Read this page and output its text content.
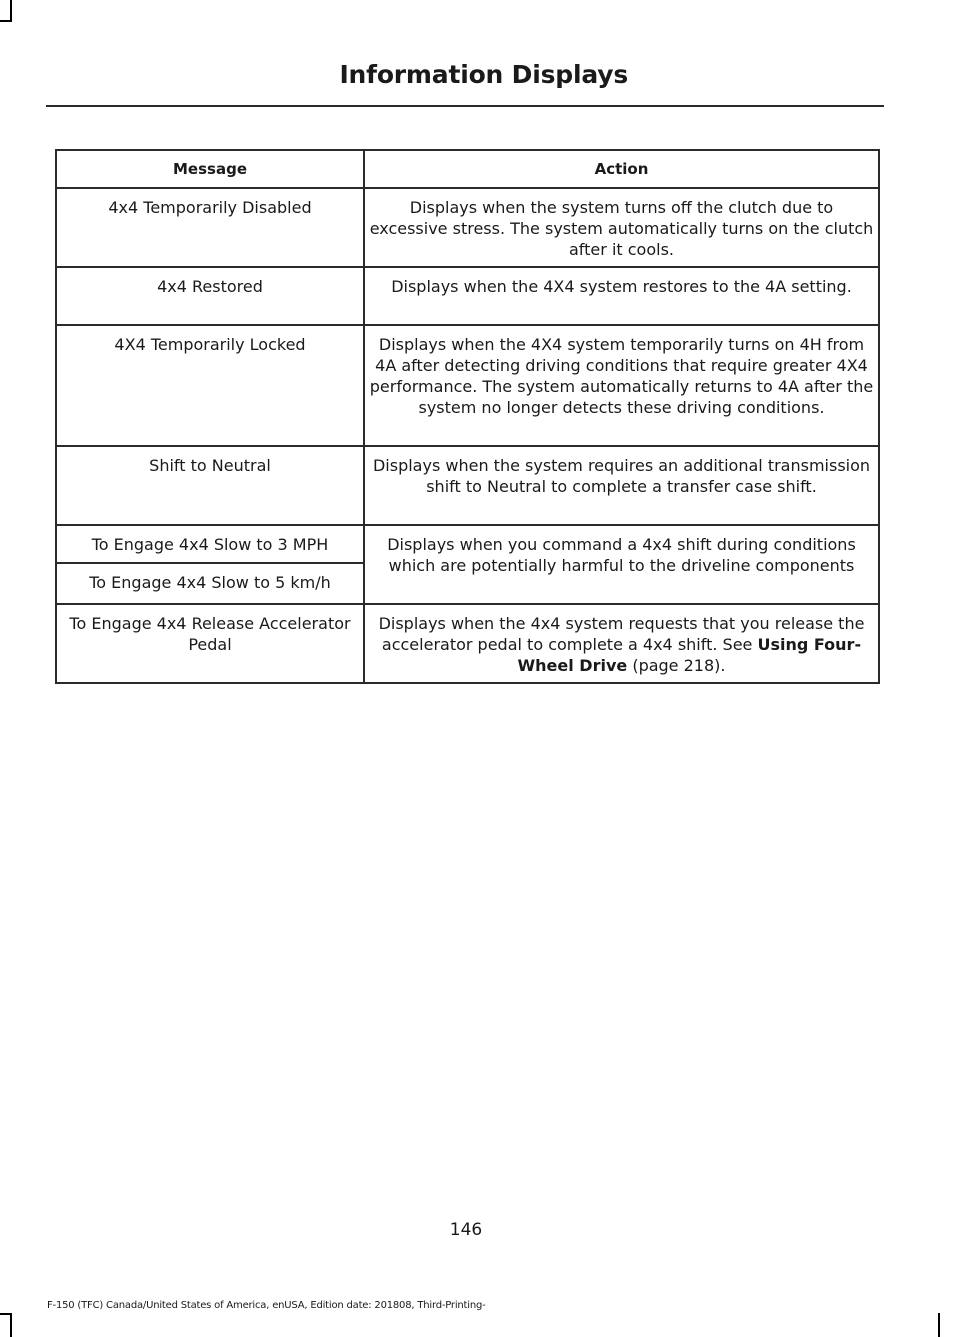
Information Displays
Message	Action
4x4 Temporarily Disabled	Displays when the system turns off the clutch due to excessive stress. The system automatically turns on the clutch after it cools.
4x4 Restored	Displays when the 4X4 system restores to the 4A setting.
4X4 Temporarily Locked	Displays when the 4X4 system temporarily turns on 4H from 4A after detecting driving conditions that require greater 4X4 performance. The system automatically returns to 4A after the system no longer detects these driving conditions.
Shift to Neutral	Displays when the system requires an additional transmission shift to Neutral to complete a transfer case shift.
To Engage 4x4 Slow to 3 MPH	Displays when you command a 4x4 shift during conditions which are potentially harmful to the driveline components
To Engage 4x4 Slow to 5 km/h	
To Engage 4x4 Release Accelerator Pedal	Displays when the 4x4 system requests that you release the accelerator pedal to complete a 4x4 shift. See Using Four-Wheel Drive (page 218).
146
F-150 (TFC) Canada/United States of America, enUSA, Edition date: 201808, Third-Printing-
